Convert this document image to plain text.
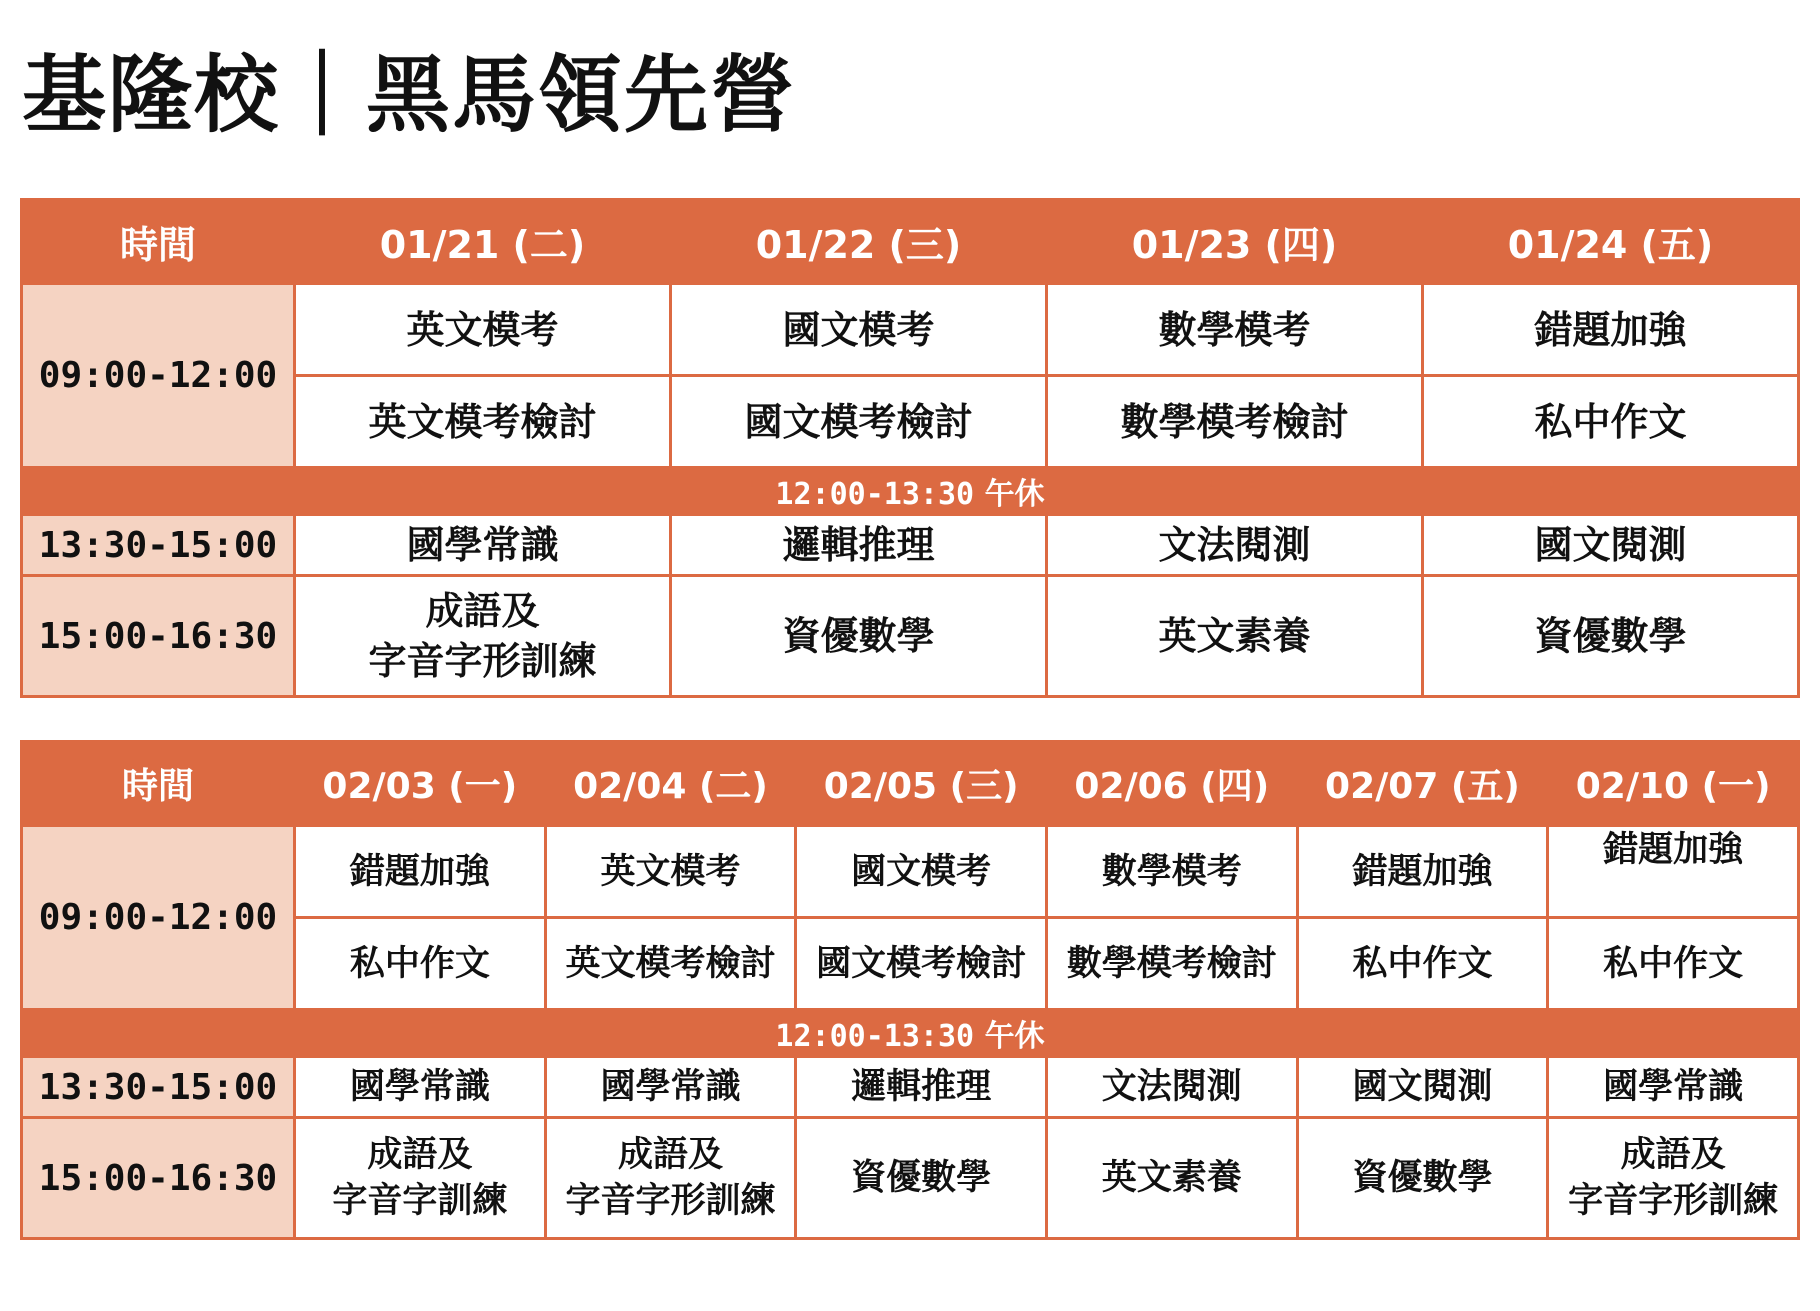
基隆校｜黑馬領先營
時間	01/21 (二)	01/22 (三)	01/23 (四)	01/24 (五)
09:00-12:00	英文模考	國文模考	數學模考	錯題加強
	英文模考檢討	國文模考檢討	數學模考檢討	私中作文
12:00-13:30 午休				
13:30-15:00	國學常識	邏輯推理	文法閱測	國文閱測
15:00-16:30	成語及
字音字形訓練	資優數學	英文素養	資優數學
時間	02/03 (一)	02/04 (二)	02/05 (三)	02/06 (四)	02/07 (五)	02/10 (一)
09:00-12:00	錯題加強	英文模考	國文模考	數學模考	錯題加強	錯題加強
	私中作文	英文模考檢討	國文模考檢討	數學模考檢討	私中作文	私中作文
12:00-13:30 午休						
13:30-15:00	國學常識	國學常識	邏輯推理	文法閱測	國文閱測	國學常識
15:00-16:30	成語及
字音字訓練	成語及
字音字形訓練	資優數學	英文素養	資優數學	成語及
字音字形訓練
